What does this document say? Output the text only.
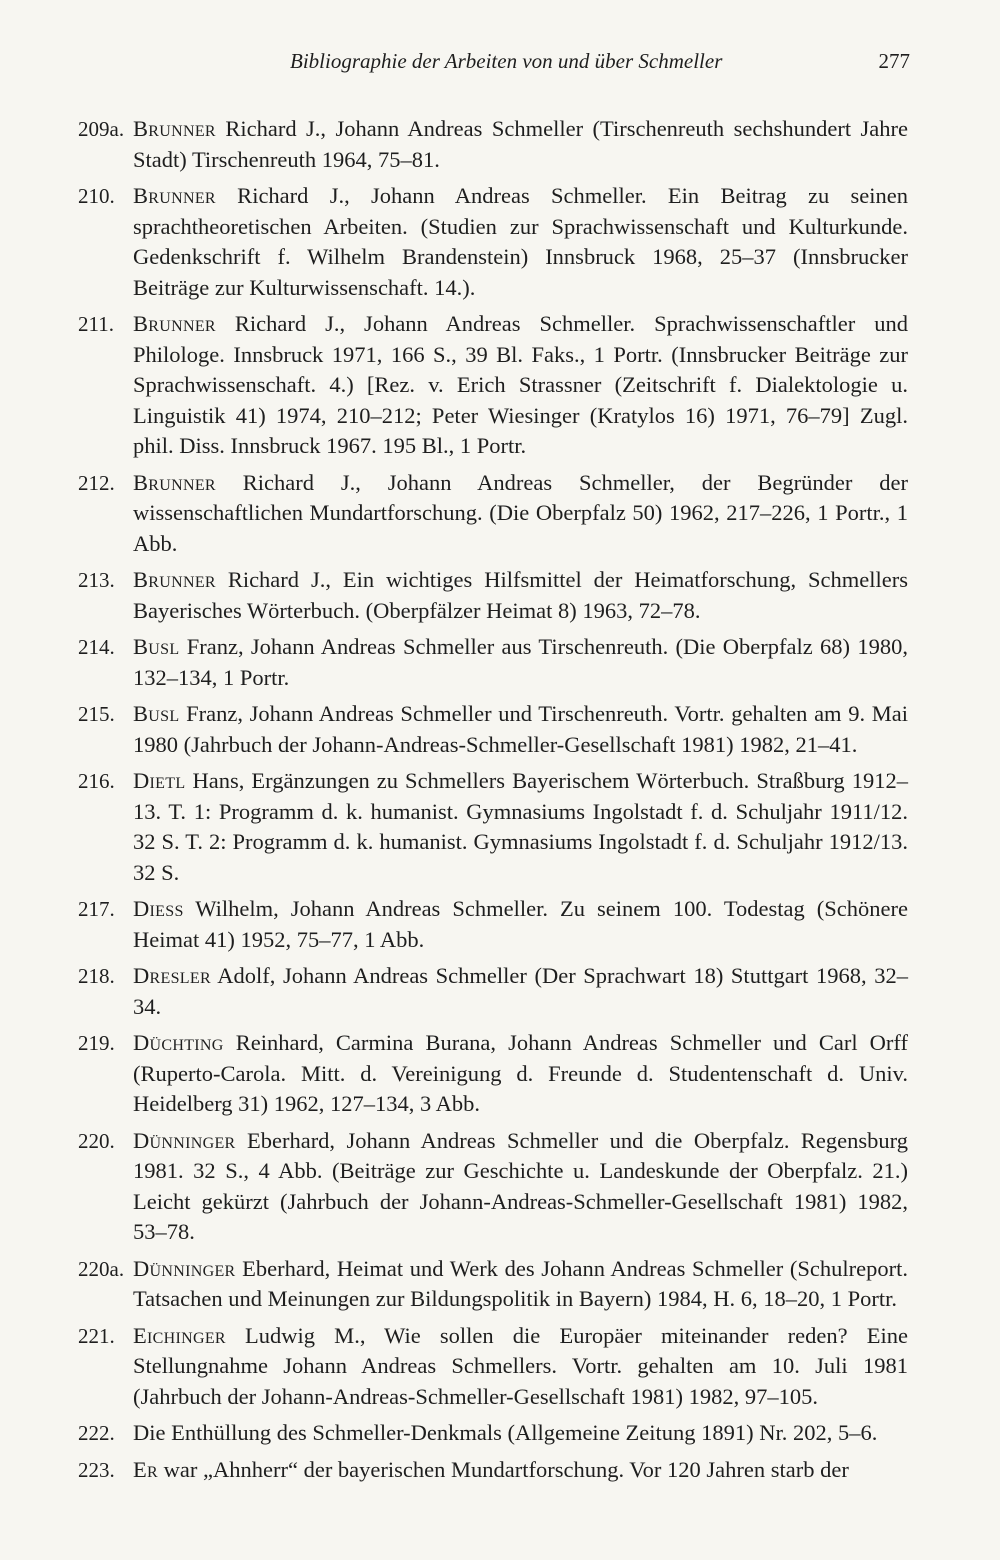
Bibliographie der Arbeiten von und über Schmeller	277
209a. Brunner Richard J., Johann Andreas Schmeller (Tirschenreuth sechshundert Jahre Stadt) Tirschenreuth 1964, 75–81.
210. Brunner Richard J., Johann Andreas Schmeller. Ein Beitrag zu seinen sprachtheoretischen Arbeiten. (Studien zur Sprachwissenschaft und Kulturkunde. Gedenkschrift f. Wilhelm Brandenstein) Innsbruck 1968, 25–37 (Innsbrucker Beiträge zur Kulturwissenschaft. 14.).
211. Brunner Richard J., Johann Andreas Schmeller. Sprachwissenschaftler und Philologe. Innsbruck 1971, 166 S., 39 Bl. Faks., 1 Portr. (Innsbrucker Beiträge zur Sprachwissenschaft. 4.) [Rez. v. Erich Strassner (Zeitschrift f. Dialektologie u. Linguistik 41) 1974, 210–212; Peter Wiesinger (Kratylos 16) 1971, 76–79] Zugl. phil. Diss. Innsbruck 1967. 195 Bl., 1 Portr.
212. Brunner Richard J., Johann Andreas Schmeller, der Begründer der wissenschaftlichen Mundartforschung. (Die Oberpfalz 50) 1962, 217–226, 1 Portr., 1 Abb.
213. Brunner Richard J., Ein wichtiges Hilfsmittel der Heimatforschung, Schmellers Bayerisches Wörterbuch. (Oberpfälzer Heimat 8) 1963, 72–78.
214. Busl Franz, Johann Andreas Schmeller aus Tirschenreuth. (Die Oberpfalz 68) 1980, 132–134, 1 Portr.
215. Busl Franz, Johann Andreas Schmeller und Tirschenreuth. Vortr. gehalten am 9. Mai 1980 (Jahrbuch der Johann-Andreas-Schmeller-Gesellschaft 1981) 1982, 21–41.
216. Dietl Hans, Ergänzungen zu Schmellers Bayerischem Wörterbuch. Straßburg 1912–13. T. 1: Programm d. k. humanist. Gymnasiums Ingolstadt f. d. Schuljahr 1911/12. 32 S. T. 2: Programm d. k. humanist. Gymnasiums Ingolstadt f. d. Schuljahr 1912/13. 32 S.
217. Diess Wilhelm, Johann Andreas Schmeller. Zu seinem 100. Todestag (Schönere Heimat 41) 1952, 75–77, 1 Abb.
218. Dresler Adolf, Johann Andreas Schmeller (Der Sprachwart 18) Stuttgart 1968, 32–34.
219. Düchting Reinhard, Carmina Burana, Johann Andreas Schmeller und Carl Orff (Ruperto-Carola. Mitt. d. Vereinigung d. Freunde d. Studentenschaft d. Univ. Heidelberg 31) 1962, 127–134, 3 Abb.
220. Dünninger Eberhard, Johann Andreas Schmeller und die Oberpfalz. Regensburg 1981. 32 S., 4 Abb. (Beiträge zur Geschichte u. Landeskunde der Oberpfalz. 21.) Leicht gekürzt (Jahrbuch der Johann-Andreas-Schmeller-Gesellschaft 1981) 1982, 53–78.
220a. Dünninger Eberhard, Heimat und Werk des Johann Andreas Schmeller (Schulreport. Tatsachen und Meinungen zur Bildungspolitik in Bayern) 1984, H. 6, 18–20, 1 Portr.
221. Eichinger Ludwig M., Wie sollen die Europäer miteinander reden? Eine Stellungnahme Johann Andreas Schmellers. Vortr. gehalten am 10. Juli 1981 (Jahrbuch der Johann-Andreas-Schmeller-Gesellschaft 1981) 1982, 97–105.
222. Die Enthüllung des Schmeller-Denkmals (Allgemeine Zeitung 1891) Nr. 202, 5–6.
223. Er war „Ahnherr“ der bayerischen Mundartforschung. Vor 120 Jahren starb der
